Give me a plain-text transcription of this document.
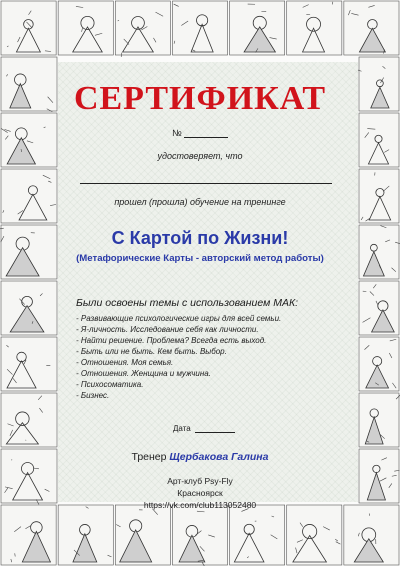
СЕРТИФИКАТ
№
удостоверяет, что
прошел (прошла) обучение на тренинге
С Картой по Жизни!
(Метафорические Карты - авторский метод работы)
Были освоены темы с использованием МАК:
- Развивающие психологические игры для всей семьи.
- Я-личность. Исследование себя как личности.
- Найти решение. Проблема? Всегда есть выход.
- Быть или не быть. Кем быть. Выбор.
- Отношения. Моя семья.
- Отношения. Женщина и мужчина.
- Психосоматика.
- Бизнес.
Дата
Тренер Щербакова Галина
Арт-клуб Psy-Fly
Красноярск
https://vk.com/club113052480
